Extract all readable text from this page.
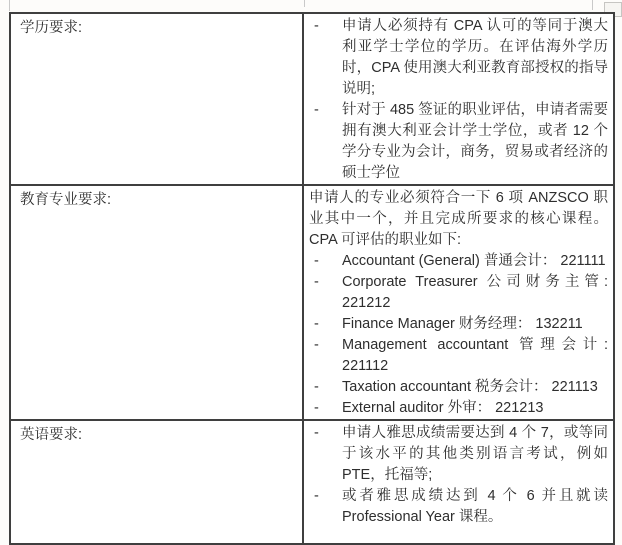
学历要求:	- 申请人必须持有 CPA 认可的等同于澳大利亚学士学位的学历。在评估海外学历时，CPA 使用澳大利亚教育部授权的指导说明;
- 针对于 485 签证的职业评估，申请者需要拥有澳大利亚会计学士学位，或者 12 个学分专业为会计，商务，贸易或者经济的硕士学位

教育专业要求:	申请人的专业必须符合一下 6 项 ANZSCO 职业其中一个，并且完成所要求的核心课程。CPA 可评估的职业如下:

-	Accountant (General) 普通会计： 221111
-	Corporate Treasurer 公司财务主管: 221212
-	Finance Manager 财务经理： 132211
-	Management accountant 管理会计: 221112
-	Taxation accountant 税务会计： 221113
-	External auditor 外审： 221213

英语要求:	- 申请人雅思成绩需要达到 4 个 7，或等同于该水平的其他类别语言考试，例如 PTE，托福等;
- 或者雅思成绩达到 4 个 6 并且就读 Professional Year 课程。
